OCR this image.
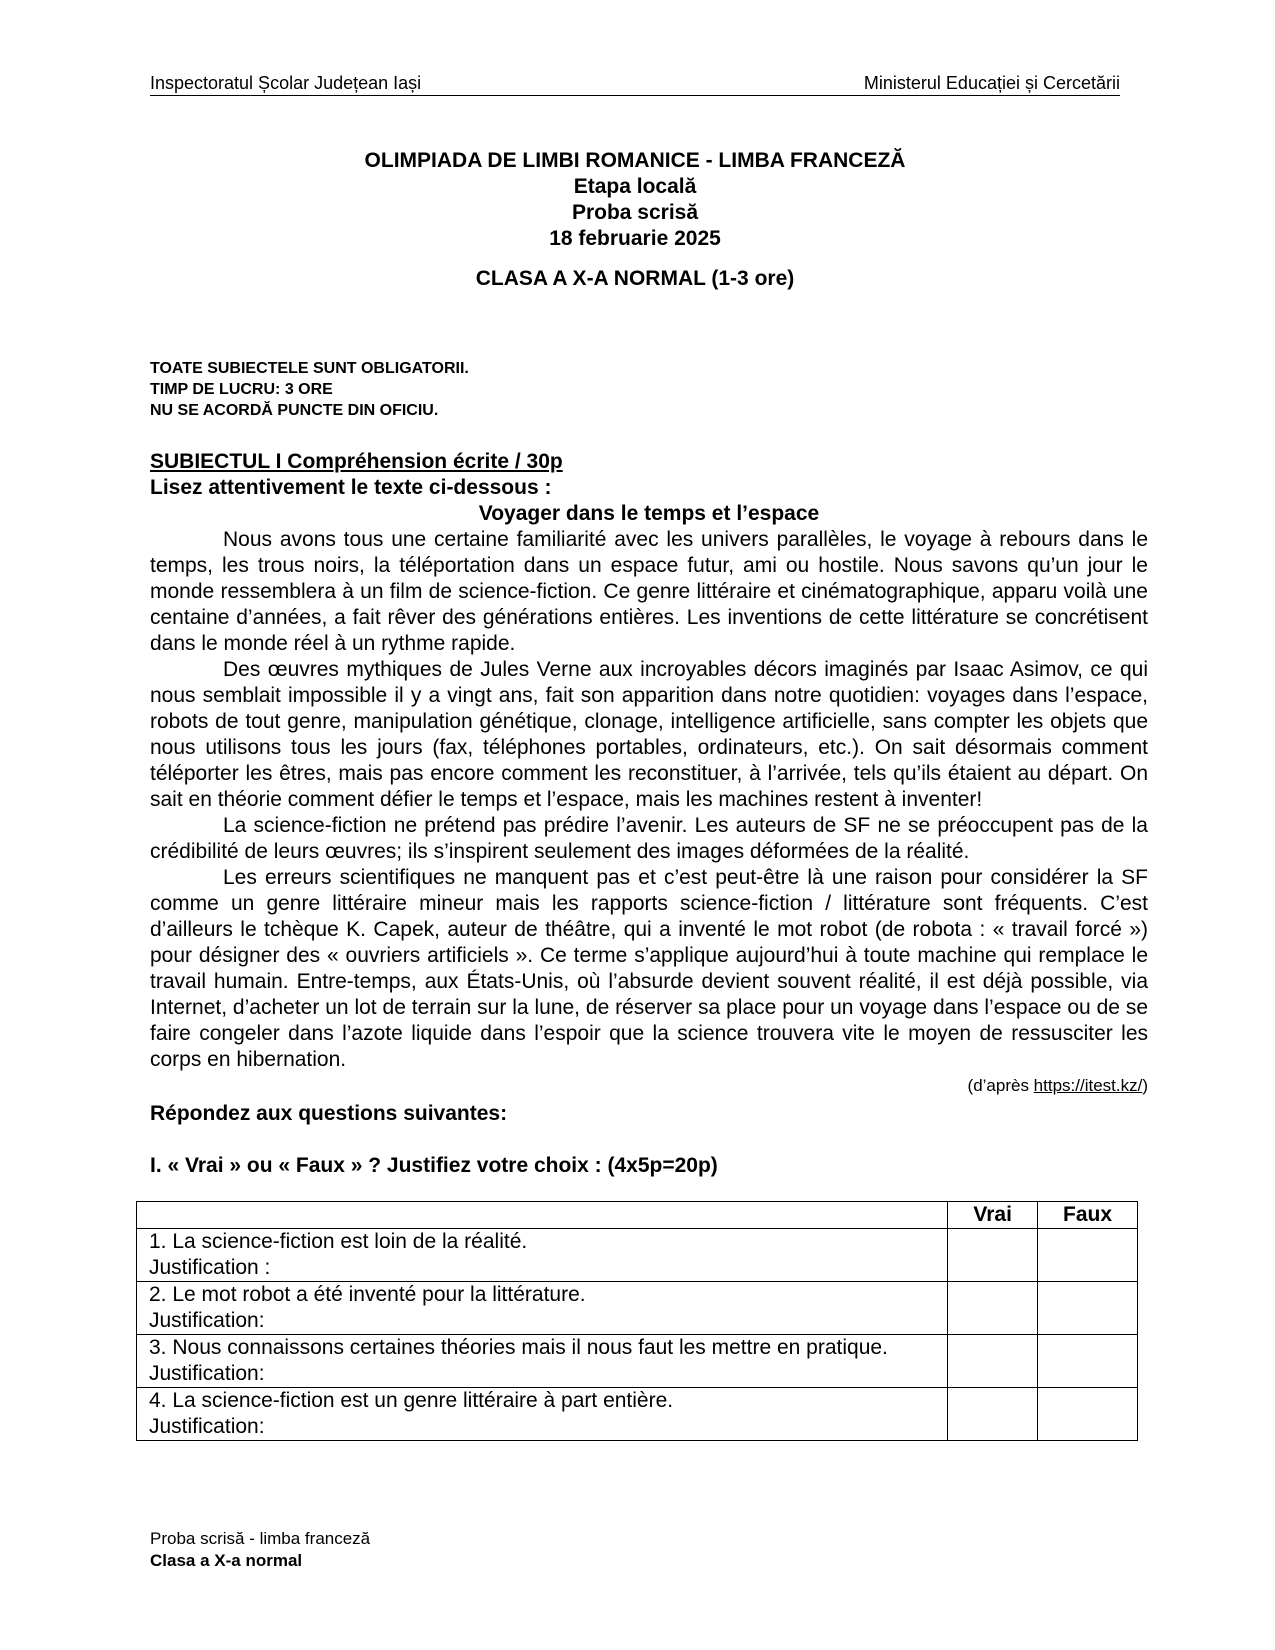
Inspectoratul Școlar Județean Iași	Ministerul Educației și Cercetării
OLIMPIADA DE LIMBI ROMANICE - LIMBA FRANCEZĂ
Etapa locală
Proba scrisă
18 februarie 2025
CLASA A X-A NORMAL (1-3 ore)
TOATE SUBIECTELE SUNT OBLIGATORII.
TIMP DE LUCRU: 3 ORE
NU SE ACORDĂ PUNCTE DIN OFICIU.
SUBIECTUL I Compréhension écrite / 30p
Lisez attentivement le texte ci-dessous :
Voyager dans le temps et l’espace

Nous avons tous une certaine familiarité avec les univers parallèles, le voyage à rebours dans le temps, les trous noirs, la téléportation dans un espace futur, ami ou hostile. Nous savons qu’un jour le monde ressemblera à un film de science-fiction. Ce genre littéraire et cinématographique, apparu voilà une centaine d’années, a fait rêver des générations entières. Les inventions de cette littérature se concrétisent dans le monde réel à un rythme rapide.

Des œuvres mythiques de Jules Verne aux incroyables décors imaginés par Isaac Asimov, ce qui nous semblait impossible il y a vingt ans, fait son apparition dans notre quotidien: voyages dans l’espace, robots de tout genre, manipulation génétique, clonage, intelligence artificielle, sans compter les objets que nous utilisons tous les jours (fax, téléphones portables, ordinateurs, etc.). On sait désormais comment téléporter les êtres, mais pas encore comment les reconstituer, à l’arrivée, tels qu’ils étaient au départ. On sait en théorie comment défier le temps et l’espace, mais les machines restent à inventer!

La science-fiction ne prétend pas prédire l’avenir. Les auteurs de SF ne se préoccupent pas de la crédibilité de leurs œuvres; ils s’inspirent seulement des images déformées de la réalité.

Les erreurs scientifiques ne manquent pas et c’est peut-être là une raison pour considérer la SF comme un genre littéraire mineur mais les rapports science-fiction / littérature sont fréquents. C’est d’ailleurs le tchèque K. Capek, auteur de théâtre, qui a inventé le mot robot (de robota : « travail forcé ») pour désigner des « ouvriers artificiels ». Ce terme s’applique aujourd’hui à toute machine qui remplace le travail humain. Entre-temps, aux États-Unis, où l’absurde devient souvent réalité, il est déjà possible, via Internet, d’acheter un lot de terrain sur la lune, de réserver sa place pour un voyage dans l’espace ou de se faire congeler dans l’azote liquide dans l’espoir que la science trouvera vite le moyen de ressusciter les corps en hibernation.

(d’après https://itest.kz/)
Répondez aux questions suivantes:
I. « Vrai » ou « Faux » ? Justifiez votre choix : (4x5p=20p)
	Vrai	Faux

1. La science-fiction est loin de la réalité.
Justification :		

2. Le mot robot a été inventé pour la littérature.
Justification:		

3. Nous connaissons certaines théories mais il nous faut les mettre en pratique.
Justification:		

4. La science-fiction est un genre littéraire à part entière.
Justification:		

Proba scrisă - limba franceză
Clasa a X-a normal
